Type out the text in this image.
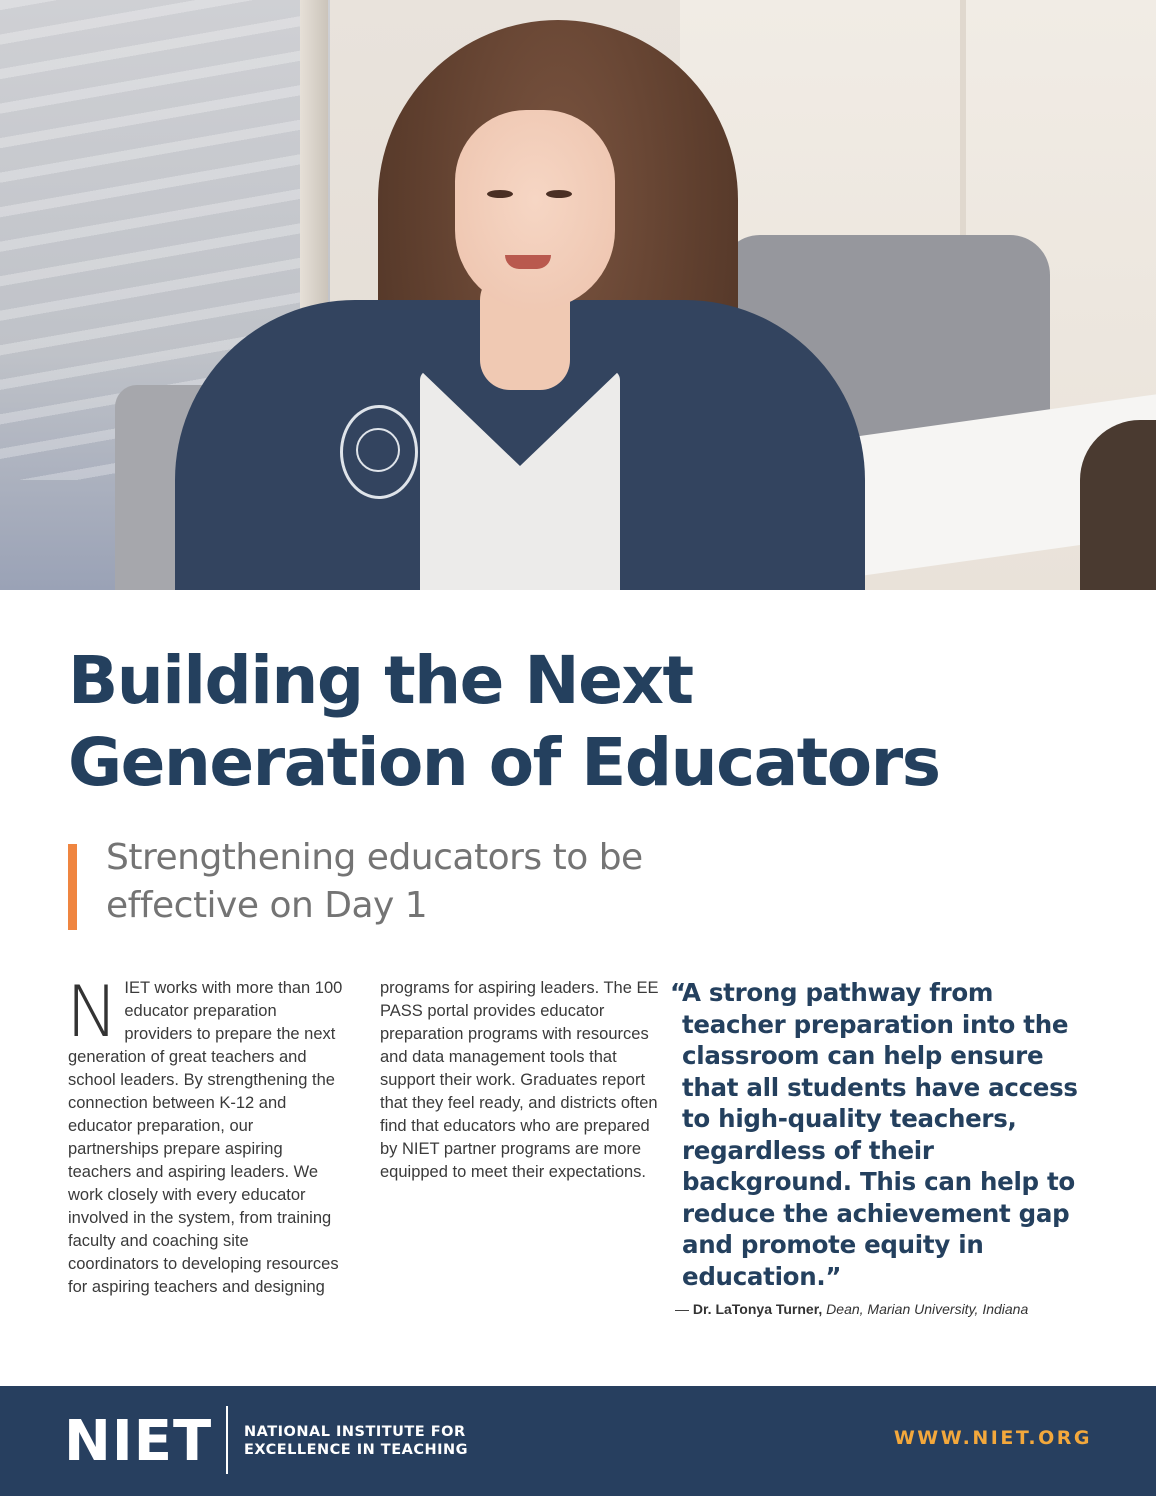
Building the Next
Generation of Educators
Strengthening educators to be
effective on Day 1
N IET works with more than 100 educator preparation providers to prepare the next generation of great teachers and school leaders. By strengthening the connection between K-12 and educator preparation, our partnerships prepare aspiring teachers and aspiring leaders. We work closely with every educator involved in the system, from training faculty and coaching site coordinators to developing resources for aspiring teachers and designing

programs for aspiring leaders. The EE PASS portal provides educator preparation programs with resources and data management tools that support their work. Graduates report that they feel ready, and districts often find that educators who are prepared by NIET partner programs are more equipped to meet their expectations.

“
A strong pathway from teacher preparation into the classroom can help ensure that all students have access to high-quality teachers, regardless of their background. This can help to reduce the achievement gap and promote equity in education.”
— Dr. LaTonya Turner, Dean, Marian University, Indiana
NIET NATIONAL INSTITUTE FOR
EXCELLENCE IN TEACHING
WWW.NIET.ORG
